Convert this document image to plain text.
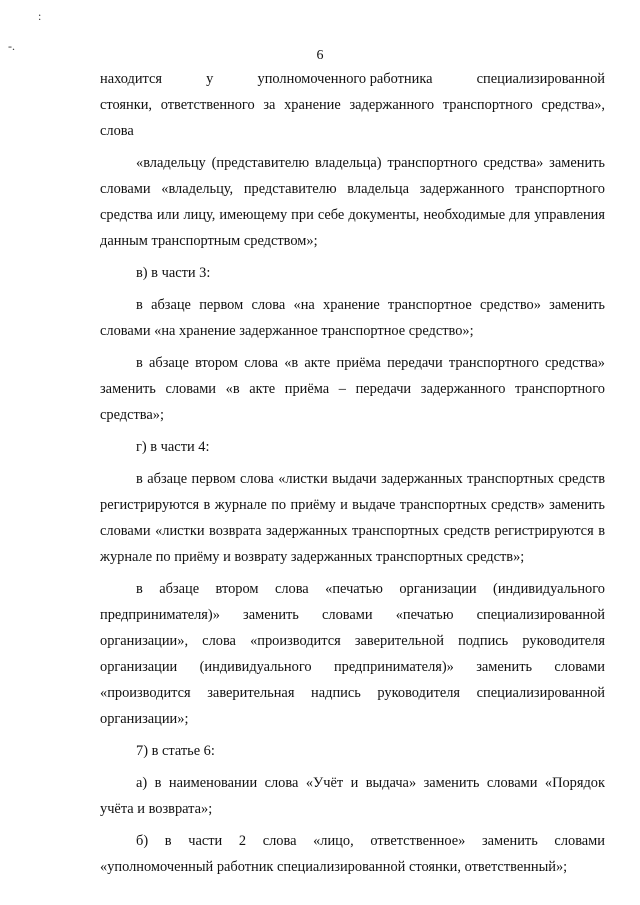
:
-.
6
находится	у	уполномоченного работника	специализированной

стоянки, ответственного за хранение задержанного транспортного средства», слова

«владельцу (представителю владельца) транспортного средства» заменить словами «владельцу, представителю владельца задержанного транспортного средства или лицу, имеющему при себе документы, необходимые для управления данным транспортным средством»;

в) в части 3:

в абзаце первом слова «на хранение транспортное средство» заменить словами «на хранение задержанное транспортное средство»;

в абзаце втором слова «в акте приёма передачи транспортного средства» заменить словами «в акте приёма – передачи задержанного транспортного средства»;

г) в части 4:

в абзаце первом слова «листки выдачи задержанных транспортных средств регистрируются в журнале по приёму и выдаче транспортных средств» заменить словами «листки возврата задержанных транспортных средств регистрируются в журнале по приёму и возврату задержанных транспортных средств»;

в абзаце втором слова «печатью организации (индивидуального предпринимателя)» заменить словами «печатью специализированной организации», слова «производится заверительной подпись руководителя организации (индивидуального предпринимателя)» заменить словами «производится заверительная надпись руководителя специализированной организации»;

7) в статье 6:

а) в наименовании слова «Учёт и выдача» заменить словами «Порядок учёта и возврата»;

б) в части 2 слова «лицо, ответственное» заменить словами «уполномоченный работник специализированной стоянки, ответственный»;
